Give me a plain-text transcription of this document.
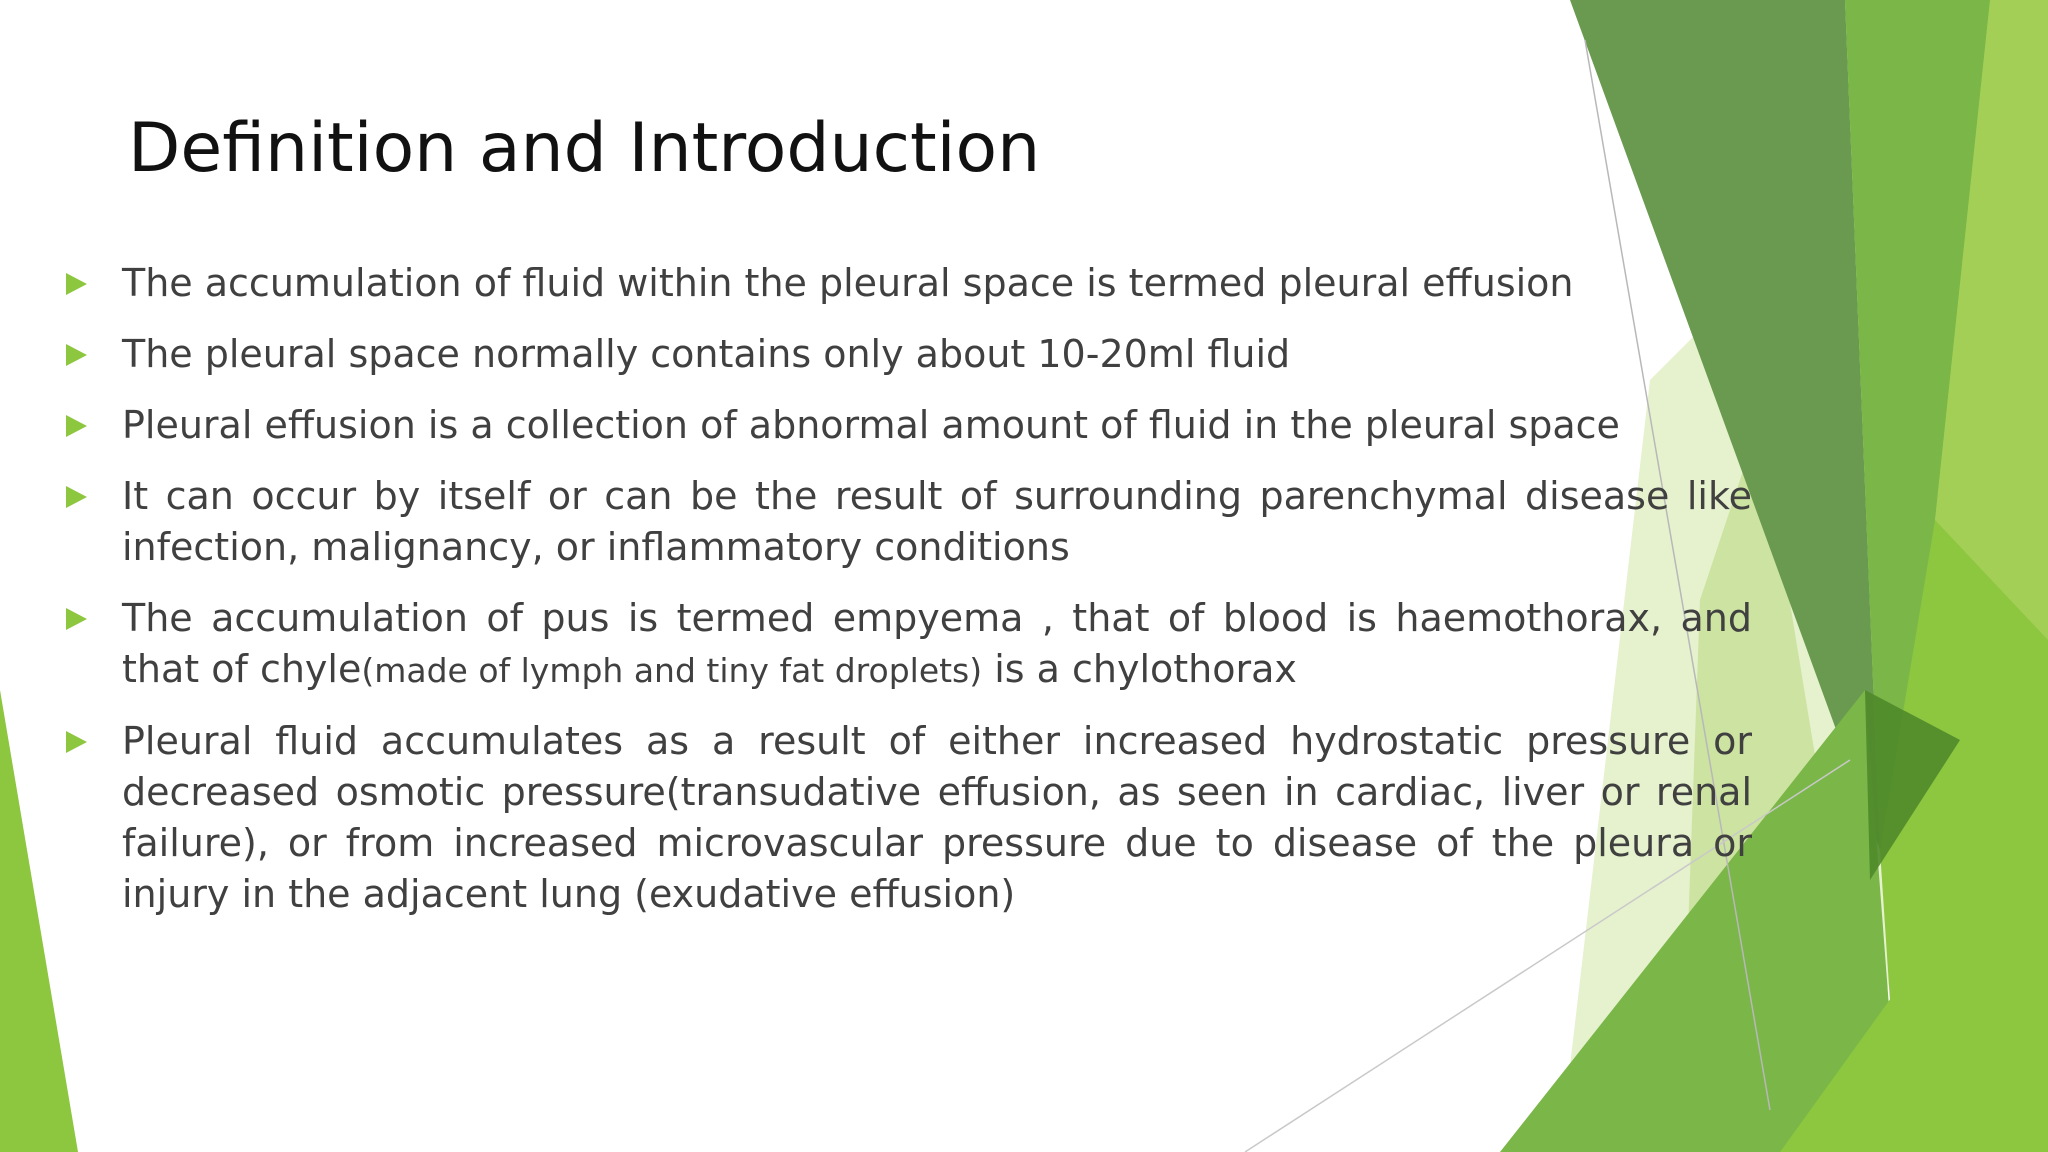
Definition and Introduction
The accumulation of fluid within the pleural space is termed pleural effusion
The pleural space normally contains only about 10-20ml fluid
Pleural effusion is a collection of abnormal amount of fluid in the pleural space
It can occur by itself or can be the result of surrounding parenchymal disease like infection, malignancy, or inflammatory conditions
The accumulation of pus is termed empyema , that of blood is haemothorax, and that of chyle(made of lymph and tiny fat droplets) is a chylothorax
Pleural fluid accumulates as a result of either increased hydrostatic pressure or decreased osmotic pressure(transudative effusion, as seen in cardiac, liver or renal failure), or from increased microvascular pressure due to disease of the pleura or injury in the adjacent lung (exudative effusion)
